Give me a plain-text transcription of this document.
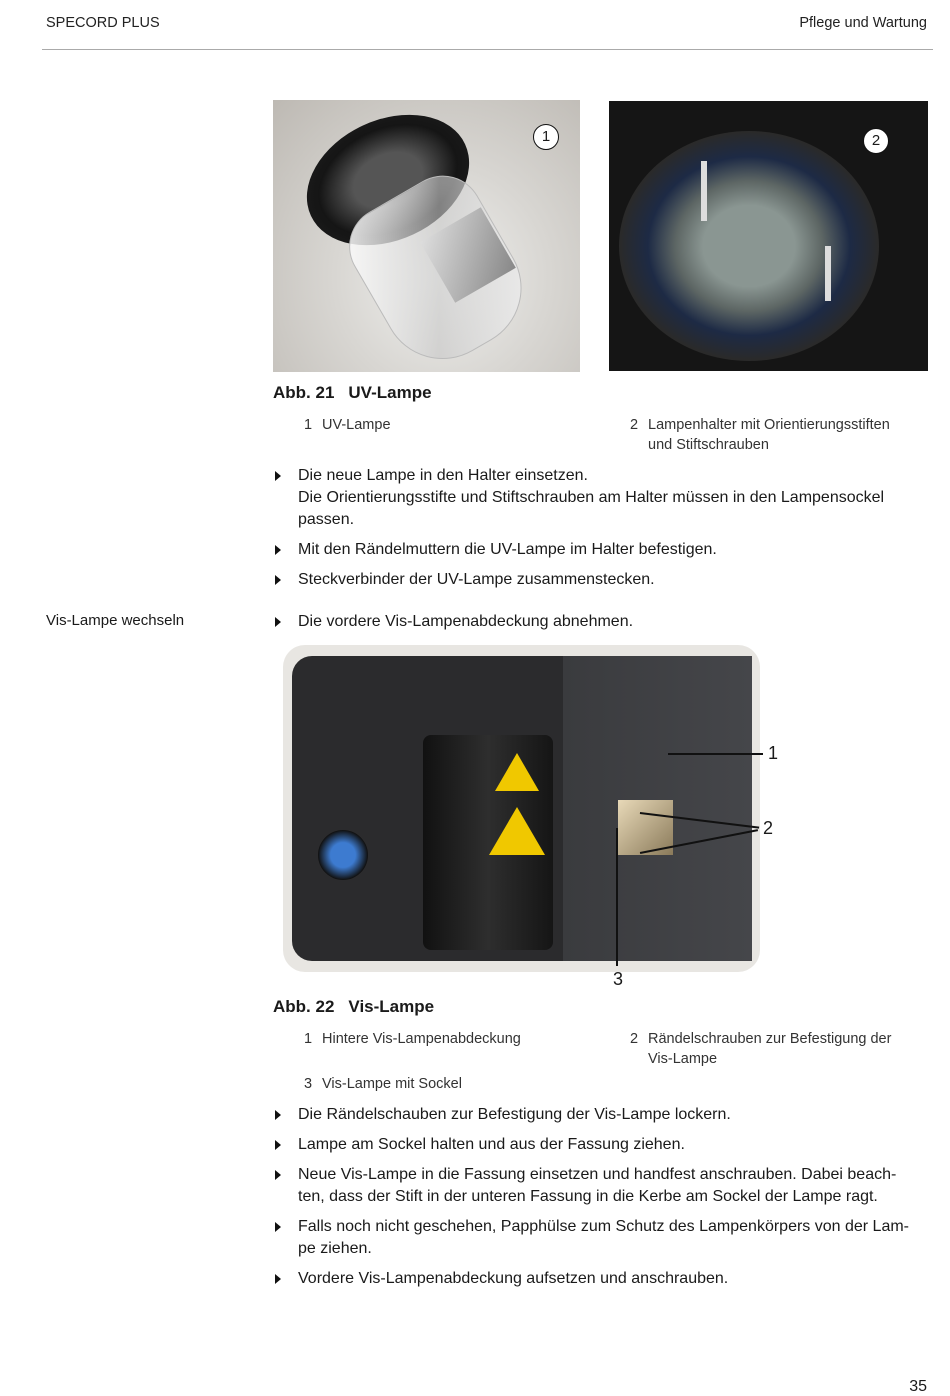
SPECORD PLUS	Pflege und Wartung
1	2
Abb. 21 UV-Lampe
1 UV-Lampe	2 Lampenhalter mit Orientierungsstiften und Stiftschrauben
Die neue Lampe in den Halter einsetzen.
Die Orientierungsstifte und Stiftschrauben am Halter müssen in den Lampensockel passen.
Mit den Rändelmuttern die UV-Lampe im Halter befestigen.
Steckverbinder der UV-Lampe zusammenstecken.
Vis-Lampe wechseln	Die vordere Vis-Lampenabdeckung abnehmen.
1
2
3
Abb. 22 Vis-Lampe
1 Hintere Vis-Lampenabdeckung	2 Rändelschrauben zur Befestigung der Vis-Lampe
3 Vis-Lampe mit Sockel
Die Rändelschauben zur Befestigung der Vis-Lampe lockern.
Lampe am Sockel halten und aus der Fassung ziehen.
Neue Vis-Lampe in die Fassung einsetzen und handfest anschrauben. Dabei beach-ten, dass der Stift in der unteren Fassung in die Kerbe am Sockel der Lampe ragt.
Falls noch nicht geschehen, Papphülse zum Schutz des Lampenkörpers von der Lam-pe ziehen.
Vordere Vis-Lampenabdeckung aufsetzen und anschrauben.
35
